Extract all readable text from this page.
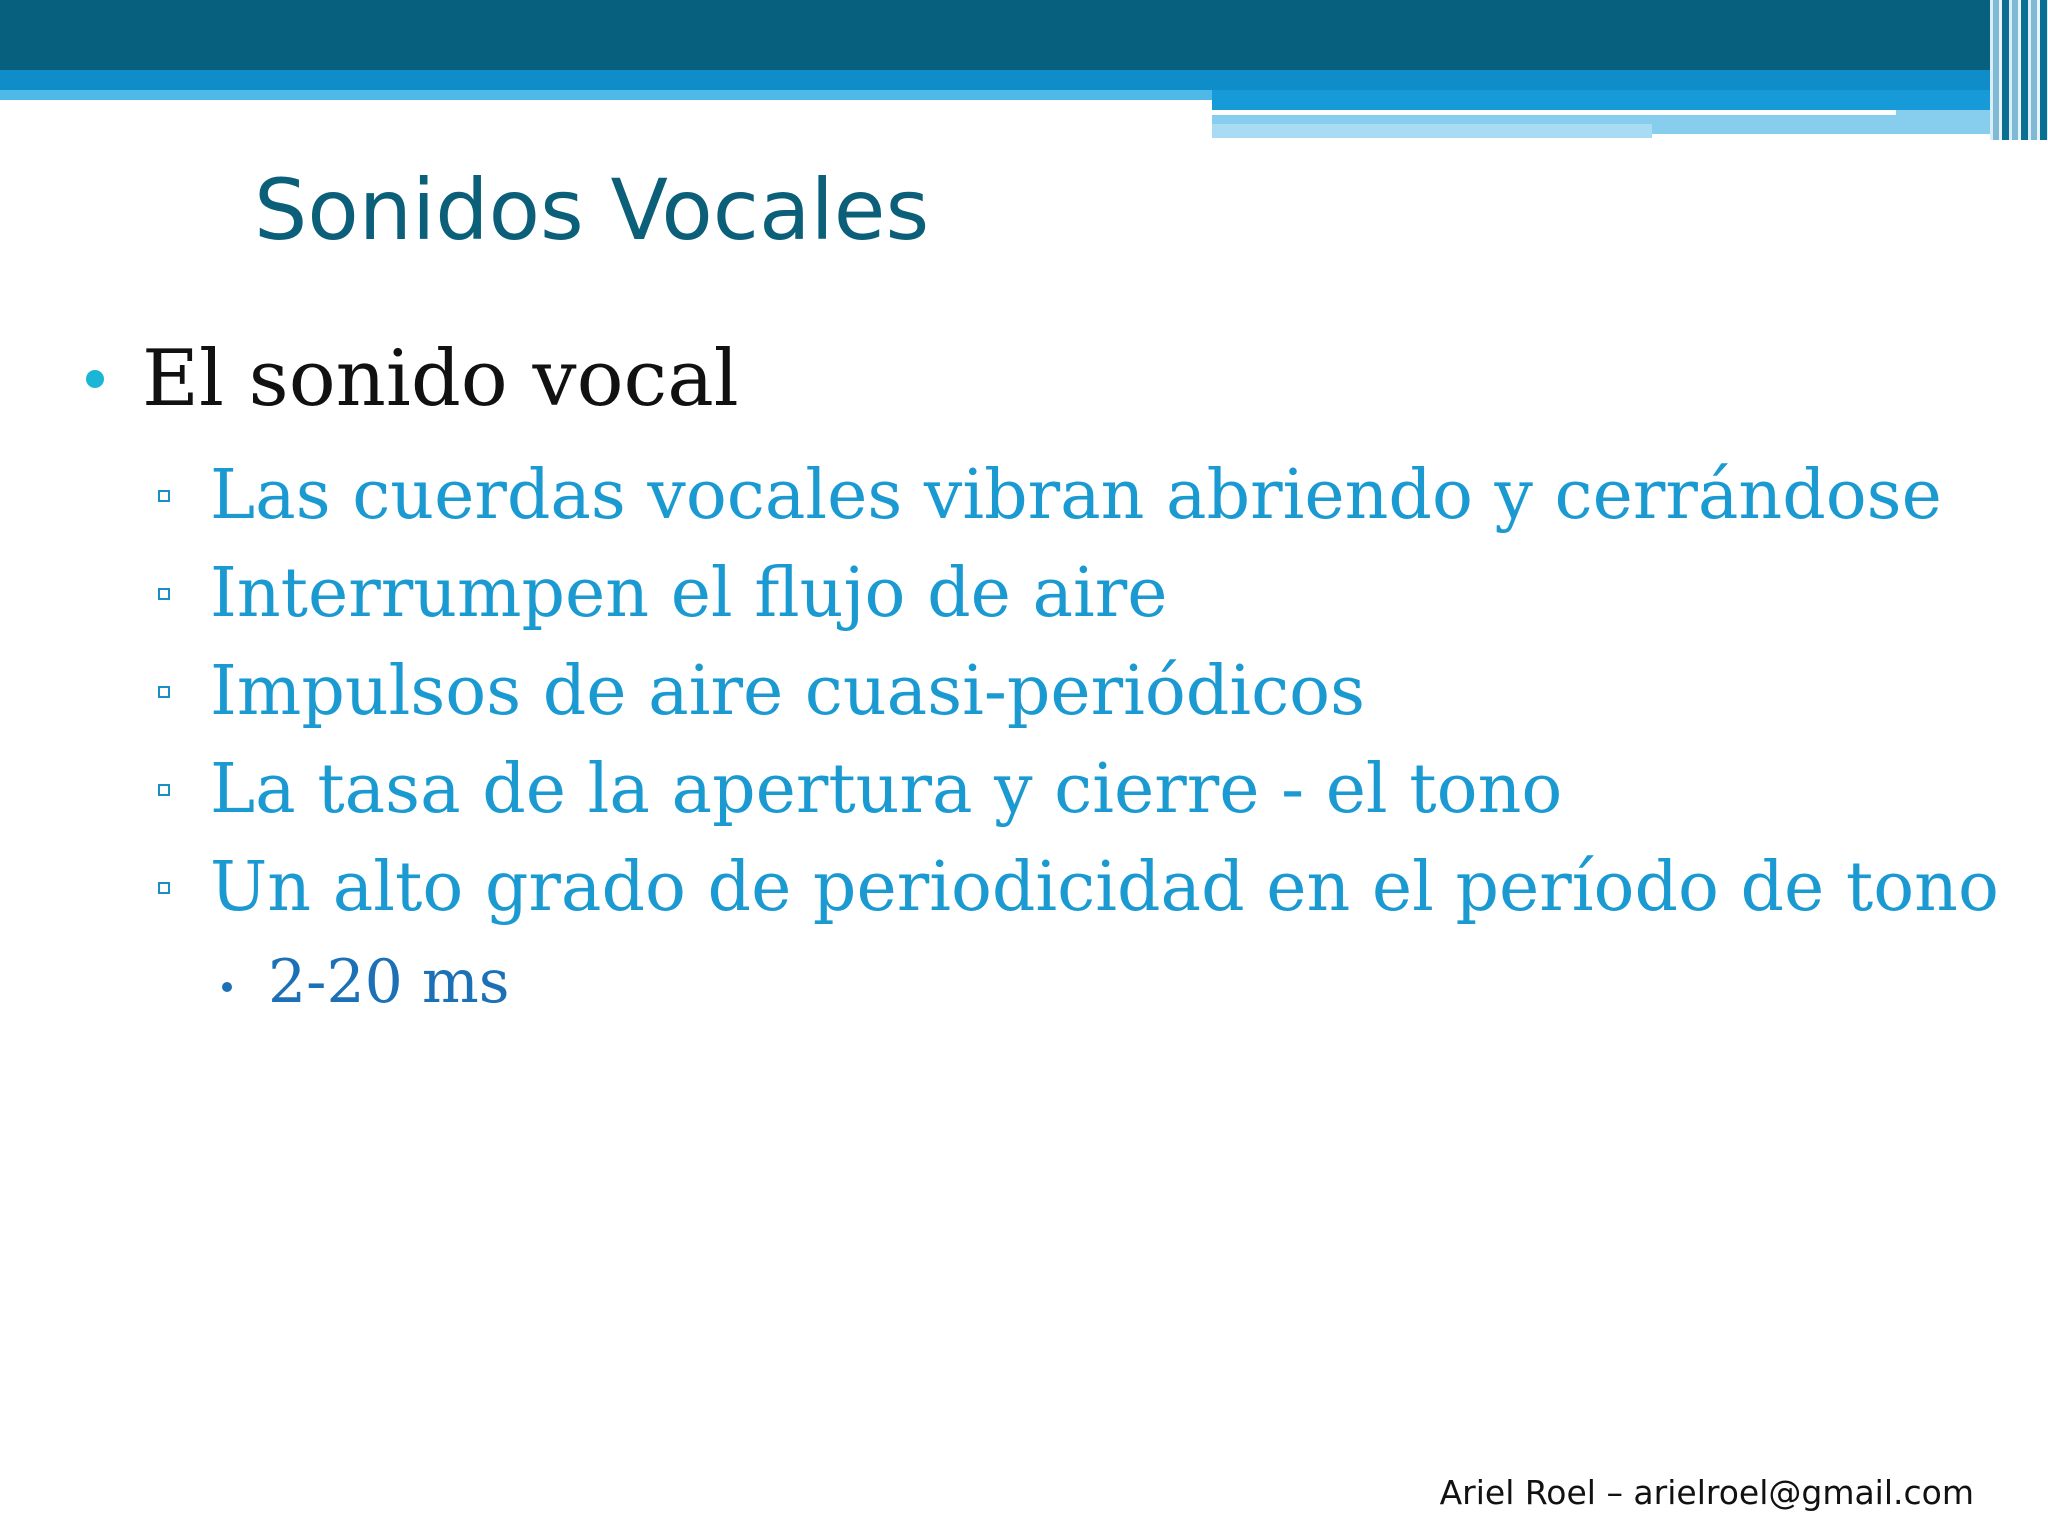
Sonidos Vocales
El sonido vocal
Las cuerdas vocales vibran abriendo y cerrándose
Interrumpen el flujo de aire
Impulsos de aire cuasi-periódicos
La tasa de la apertura y cierre - el tono
Un alto grado de periodicidad en el período de tono
2-20 ms
Ariel Roel – arielroel@gmail.com
